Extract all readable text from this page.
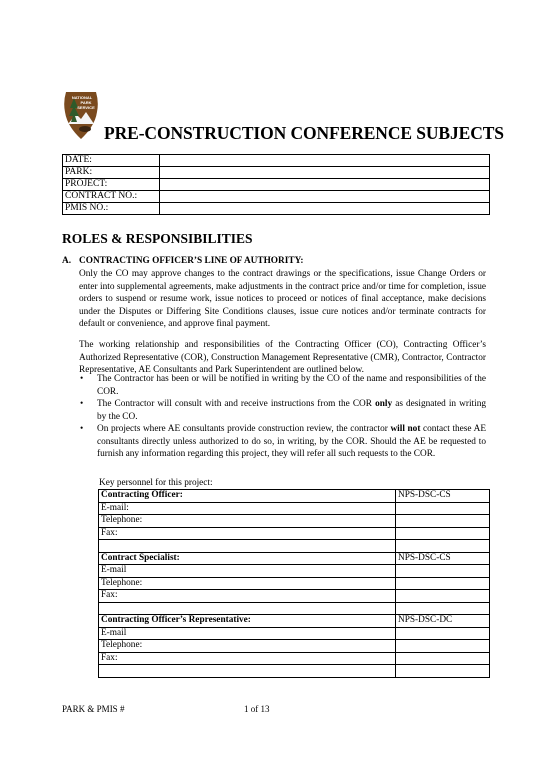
NATIONAL
PARK
SERVICE
PRE-CONSTRUCTION CONFERENCE SUBJECTS
DATE:	
PARK:	
PROJECT:	
CONTRACT NO.:	
PMIS NO.:	
ROLES & RESPONSIBILITIES
A. CONTRACTING OFFICER’S LINE OF AUTHORITY:

Only the CO may approve changes to the contract drawings or the specifications, issue Change Orders or enter into supplemental agreements, make adjustments in the contract price and/or time for completion, issue orders to suspend or resume work, issue notices to proceed or notices of final acceptance, make decisions under the Disputes or Differing Site Conditions clauses, issue cure notices and/or terminate contracts for default or convenience, and approve final payment.

The working relationship and responsibilities of the Contracting Officer (CO), Contracting Officer’s Authorized Representative (COR), Construction Management Representative (CMR), Contractor, Contractor Representative, AE Consultants and Park Superintendent are outlined below.

• The Contractor has been or will be notified in writing by the CO of the name and responsibilities of the COR.
• The Contractor will consult with and receive instructions from the COR only as designated in writing by the CO.
• On projects where AE consultants provide construction review, the contractor will not contact these AE consultants directly unless authorized to do so, in writing, by the COR. Should the AE be requested to furnish any information regarding this project, they will refer all such requests to the COR.

Key personnel for this project:

Contracting Officer:	NPS-DSC-CS
E-mail:	
Telephone:	
Fax:	

Contract Specialist:	NPS-DSC-CS
E-mail	
Telephone:	
Fax:	

Contracting Officer’s Representative:	NPS-DSC-DC
E-mail	
Telephone:	
Fax:	

PARK & PMIS #	1 of 13
